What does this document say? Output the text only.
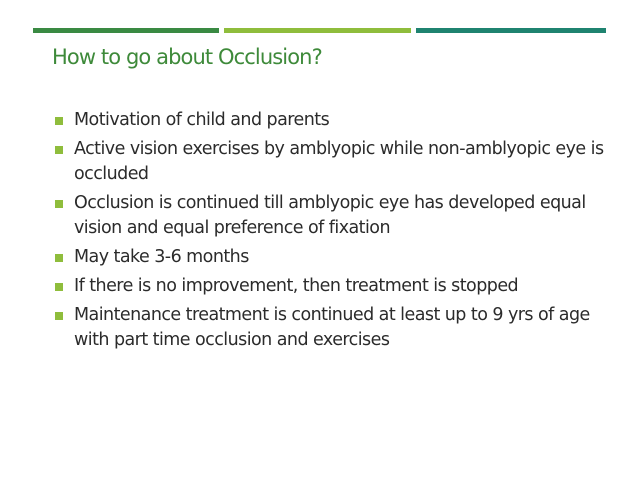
How to go about Occlusion?
Motivation of child and parents
Active vision exercises by amblyopic while non-amblyopic eye is occluded
Occlusion is continued till amblyopic eye has developed equal vision and equal preference of fixation
May take 3-6 months
If there is no improvement, then treatment is stopped
Maintenance treatment is continued at least up to 9 yrs of age with part time occlusion and exercises
